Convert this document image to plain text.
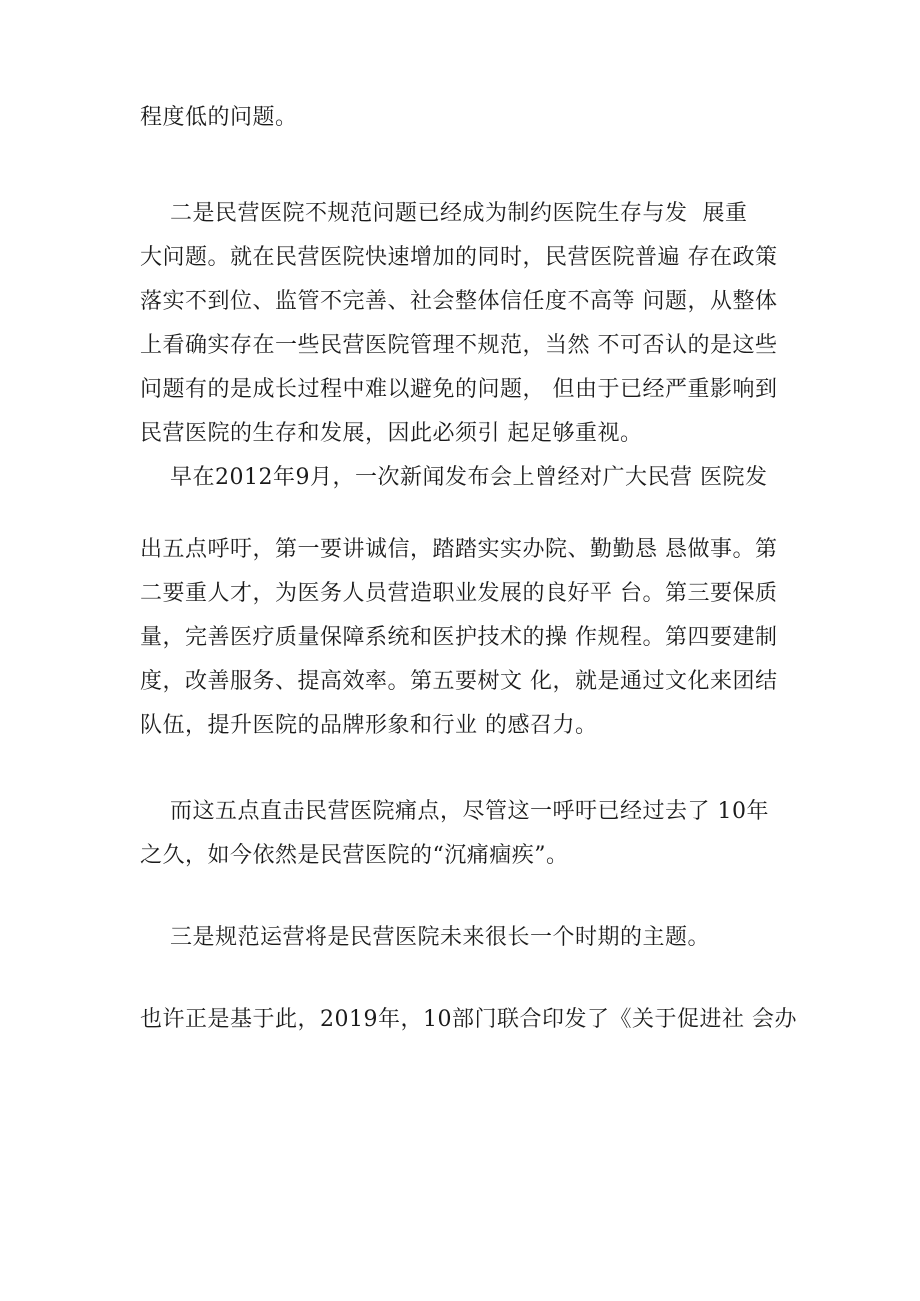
程度低的问题。
二是民营医院不规范问题已经成为制约医院生存与发  展重
大问题。就在民营医院快速增加的同时，民营医院普遍 存在政策
落实不到位、监管不完善、社会整体信任度不高等 问题，从整体
上看确实存在一些民营医院管理不规范，当然 不可否认的是这些
问题有的是成长过程中难以避免的问题， 但由于已经严重影响到
民营医院的生存和发展，因此必须引 起足够重视。
早在2012年9月，一次新闻发布会上曾经对广大民营 医院发
出五点呼吁，第一要讲诚信，踏踏实实办院、勤勤恳 恳做事。第
二要重人才，为医务人员营造职业发展的良好平 台。第三要保质
量，完善医疗质量保障系统和医护技术的操 作规程。第四要建制
度，改善服务、提高效率。第五要树文 化，就是通过文化来团结
队伍，提升医院的品牌形象和行业 的感召力。
而这五点直击民营医院痛点，尽管这一呼吁已经过去了 10年
之久，如今依然是民营医院的“沉痛痼疾”。
三是规范运营将是民营医院未来很长一个时期的主题。
也许正是基于此，2019年，10部门联合印发了《关于促进社 会办
